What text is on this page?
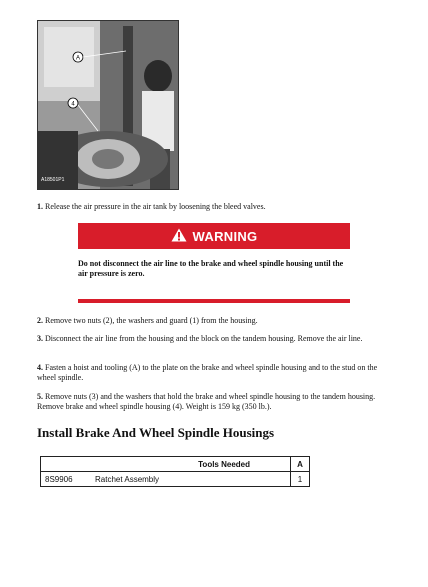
A
4
A18501P1

1. Release the air pressure in the air tank by loosening the bleed valves.

WARNING
Do not disconnect the air line to the brake and wheel spindle housing until the air pressure is zero.

2. Remove two nuts (2), the washers and guard (1) from the housing.

3. Disconnect the air line from the housing and the block on the tandem housing. Remove the air line.

4. Fasten a hoist and tooling (A) to the plate on the brake and wheel spindle housing and to the stud on the wheel spindle.

5. Remove nuts (3) and the washers that hold the brake and wheel spindle housing to the tandem housing. Remove brake and wheel spindle housing (4). Weight is 159 kg (350 lb.).

Install Brake And Wheel Spindle Housings
Tools Needed		A
8S9906	Ratchet Assembly	1
